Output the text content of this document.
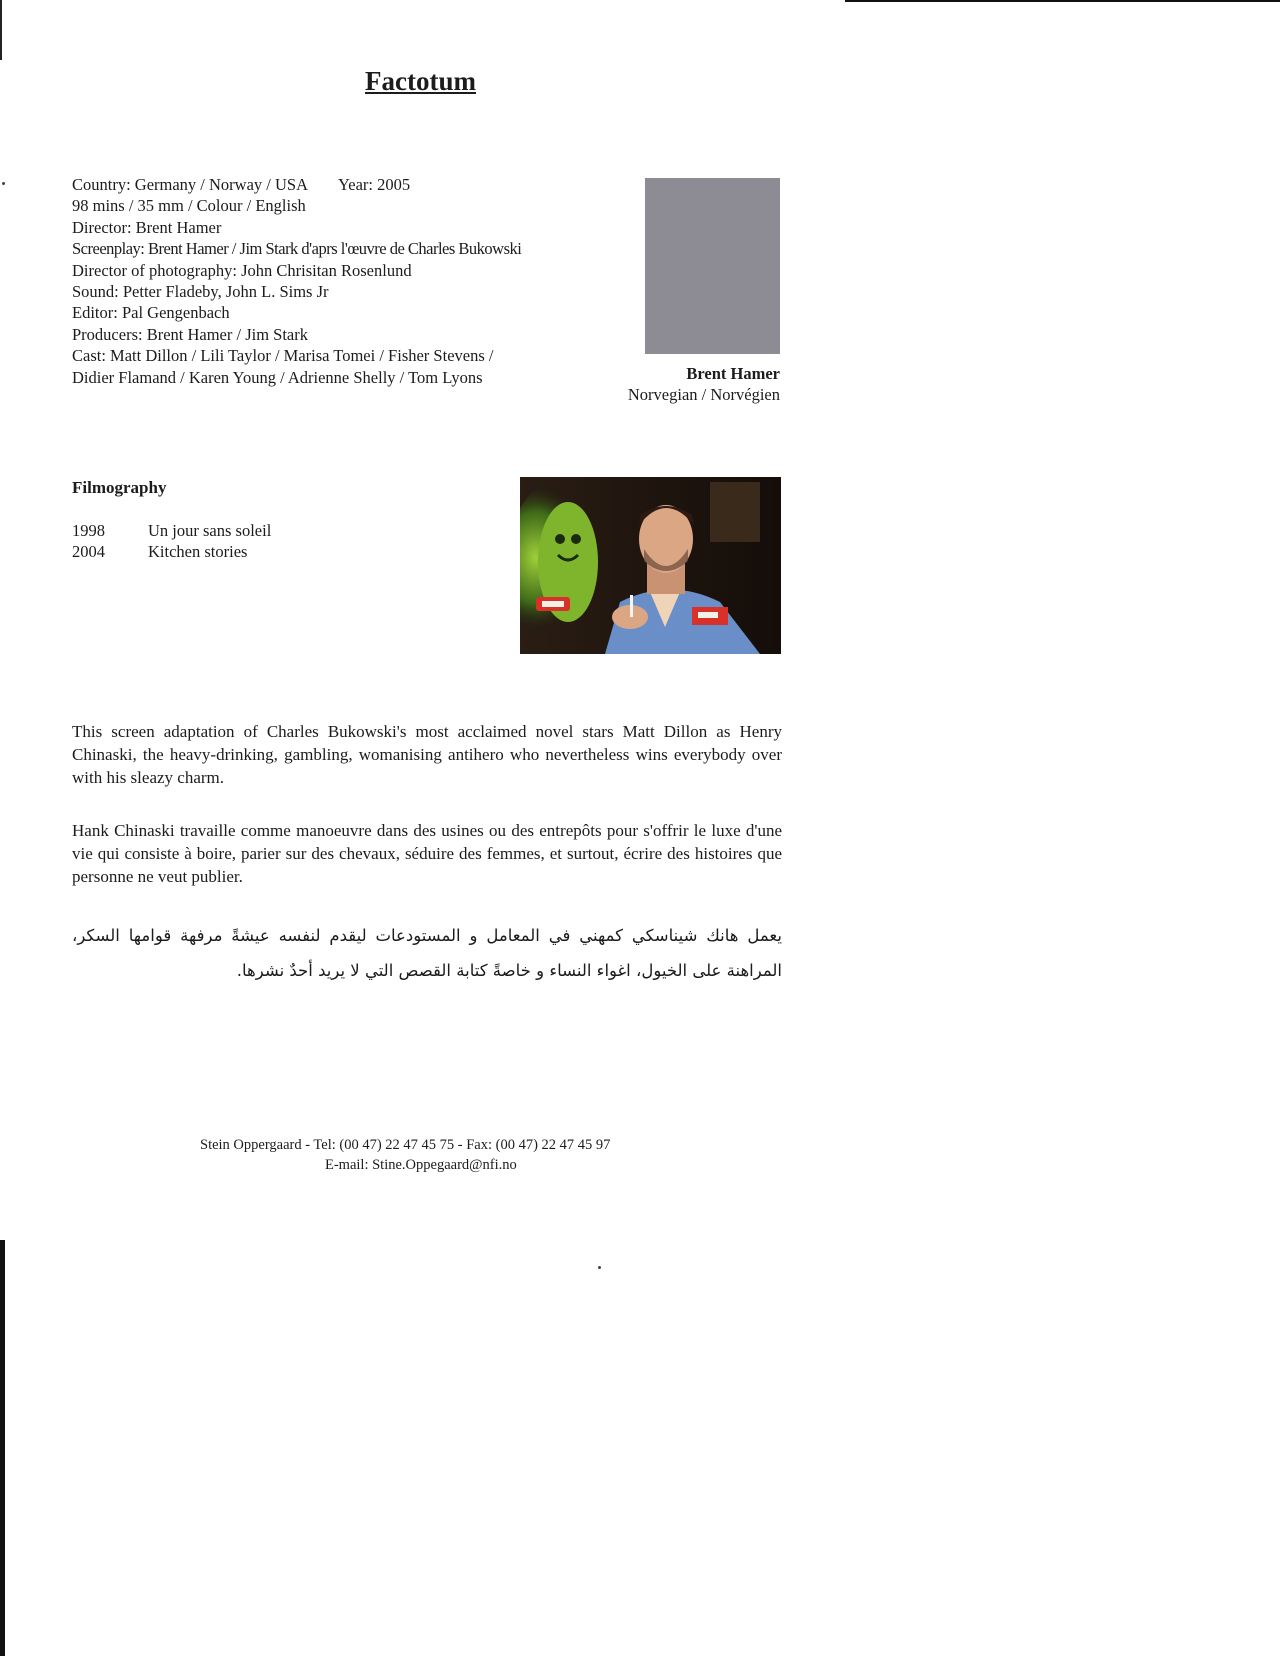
Factotum
Country: Germany / Norway / USA Year: 2005
98 mins / 35 mm / Colour / English
Director: Brent Hamer
Screenplay: Brent Hamer / Jim Stark d'aprs l'œuvre de Charles Bukowski
Director of photography: John Chrisitan Rosenlund
Sound: Petter Fladeby, John L. Sims Jr
Editor: Pal Gengenbach
Producers: Brent Hamer / Jim Stark
Cast: Matt Dillon / Lili Taylor / Marisa Tomei / Fisher Stevens /
Didier Flamand / Karen Young / Adrienne Shelly / Tom Lyons	Brent Hamer
Norvegian / Norvégien
Filmography
1998	Un jour sans soleil
2004	Kitchen stories

This screen adaptation of Charles Bukowski's most acclaimed novel stars Matt Dillon as Henry Chinaski, the heavy-drinking, gambling, womanising antihero who nevertheless wins everybody over with his sleazy charm.

Hank Chinaski travaille comme manoeuvre dans des usines ou des entrepôts pour s'offrir le luxe d'une vie qui consiste à boire, parier sur des chevaux, séduire des femmes, et surtout, écrire des histoires que personne ne veut publier.

يعمل هانك شيناسكي كمهني في المعامل و المستودعات ليقدم لنفسه عيشةً مرفهة قوامها السكر، المراهنة على الخيول، اغواء النساء و خاصةً كتابة القصص التي لا يريد أحدٌ نشرها.

Stein Oppergaard - Tel: (00 47) 22 47 45 75 - Fax: (00 47) 22 47 45 97
E-mail: Stine.Oppegaard@nfi.no
